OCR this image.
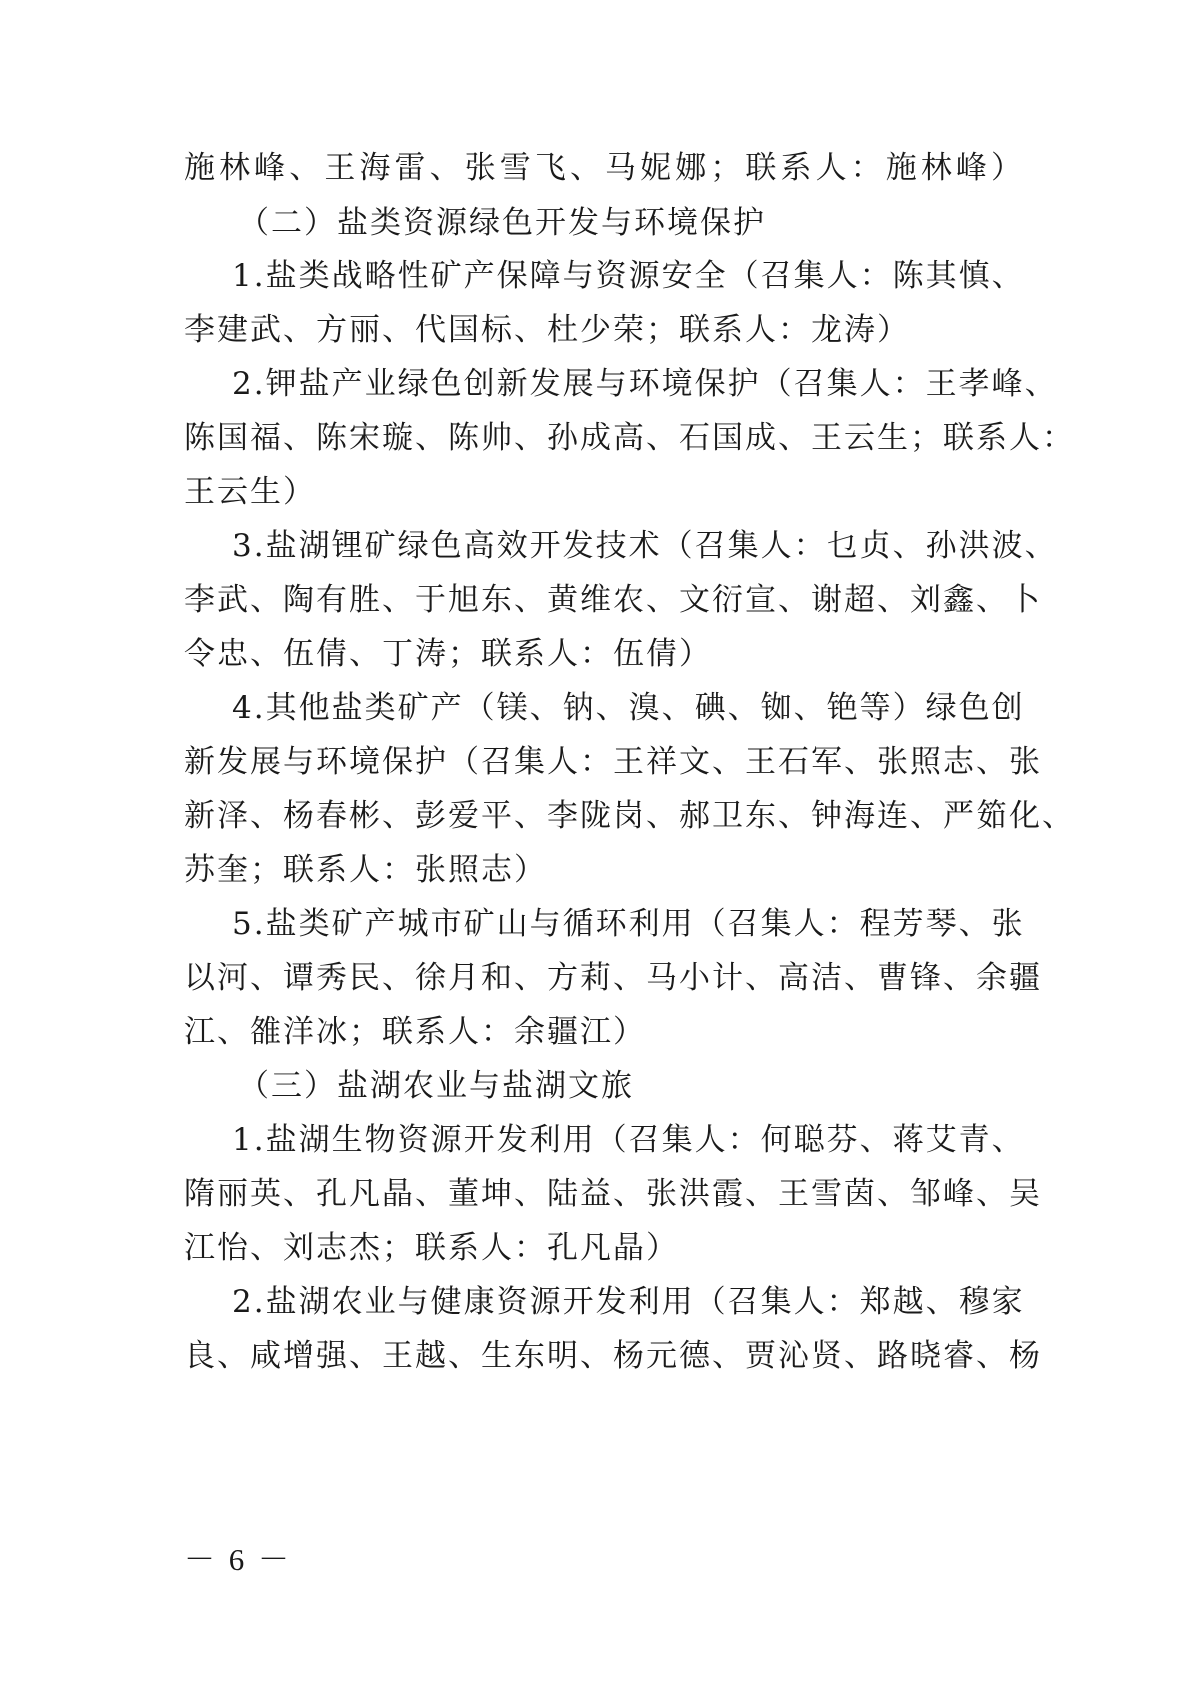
施林峰、王海雷、张雪飞、马妮娜；联系人：施林峰）
（二）盐类资源绿色开发与环境保护
1.盐类战略性矿产保障与资源安全（召集人：陈其慎、
李建武、方丽、代国标、杜少荣；联系人：龙涛）
2.钾盐产业绿色创新发展与环境保护（召集人：王孝峰、
陈国福、陈宋璇、陈帅、孙成高、石国成、王云生；联系人：
王云生）
3.盐湖锂矿绿色高效开发技术（召集人：乜贞、孙洪波、
李武、陶有胜、于旭东、黄维农、文衍宣、谢超、刘鑫、卜
令忠、伍倩、丁涛；联系人：伍倩）
4.其他盐类矿产（镁、钠、溴、碘、铷、铯等）绿色创
新发展与环境保护（召集人：王祥文、王石军、张照志、张
新泽、杨春彬、彭爱平、李陇岗、郝卫东、钟海连、严筎化、
苏奎；联系人：张照志）
5.盐类矿产城市矿山与循环利用（召集人：程芳琴、张
以河、谭秀民、徐月和、方莉、马小计、高洁、曹锋、余疆
江、雒洋冰；联系人：余疆江）
（三）盐湖农业与盐湖文旅
1.盐湖生物资源开发利用（召集人：何聪芬、蒋艾青、
隋丽英、孔凡晶、董坤、陆益、张洪霞、王雪茵、邹峰、吴
江怡、刘志杰；联系人：孔凡晶）
2.盐湖农业与健康资源开发利用（召集人：郑越、穆家
良、咸增强、王越、生东明、杨元德、贾沁贤、路晓睿、杨
－ 6 －
